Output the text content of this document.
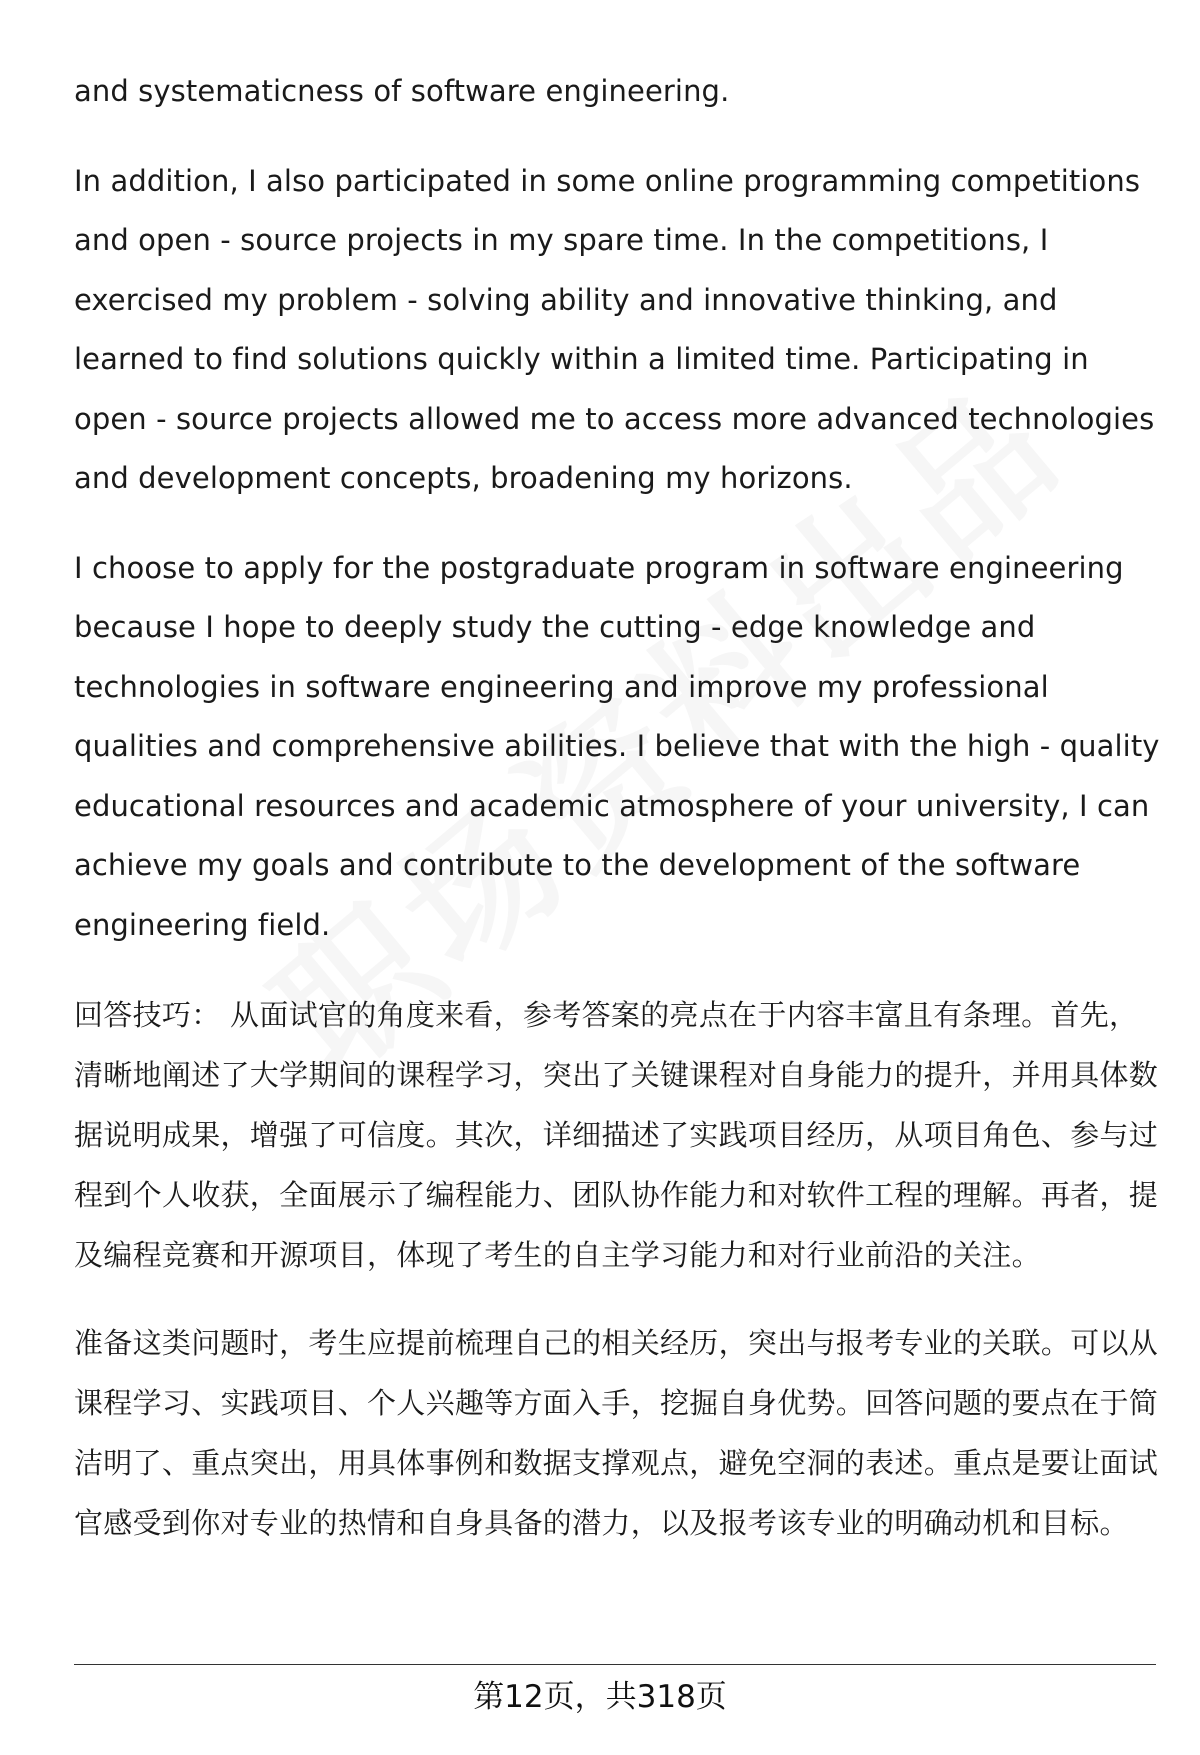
and systematicness of software engineering.

In addition, I also participated in some online programming competitions and open - source projects in my spare time. In the competitions, I exercised my problem - solving ability and innovative thinking, and learned to find solutions quickly within a limited time. Participating in open - source projects allowed me to access more advanced technologies and development concepts, broadening my horizons.

I choose to apply for the postgraduate program in software engineering because I hope to deeply study the cutting - edge knowledge and technologies in software engineering and improve my professional qualities and comprehensive abilities. I believe that with the high - quality educational resources and academic atmosphere of your university, I can achieve my goals and contribute to the development of the software engineering field.

回答技巧： 从面试官的角度来看，参考答案的亮点在于内容丰富且有条理。首先，清晰地阐述了大学期间的课程学习，突出了关键课程对自身能力的提升，并用具体数据说明成果，增强了可信度。其次，详细描述了实践项目经历，从项目角色、参与过程到个人收获，全面展示了编程能力、团队协作能力和对软件工程的理解。再者，提及编程竞赛和开源项目，体现了考生的自主学习能力和对行业前沿的关注。

准备这类问题时，考生应提前梳理自己的相关经历，突出与报考专业的关联。可以从课程学习、实践项目、个人兴趣等方面入手，挖掘自身优势。回答问题的要点在于简洁明了、重点突出，用具体事例和数据支撑观点，避免空洞的表述。重点是要让面试官感受到你对专业的热情和自身具备的潜力，以及报考该专业的明确动机和目标。

第12页，共318页
